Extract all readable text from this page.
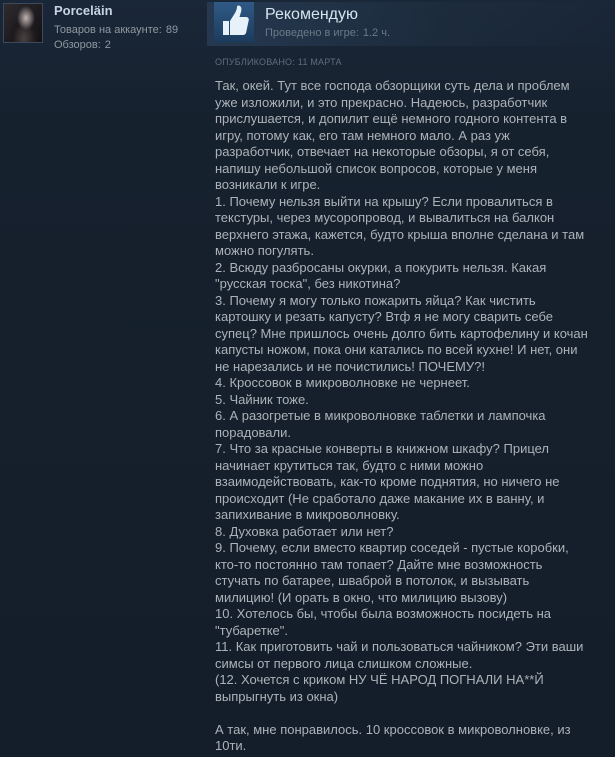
Porceläin
Товаров на аккаунте: 89
Обзоров: 2
Рекомендую
Проведено в игре: 1.2 ч.
ОПУБЛИКОВАНО: 11 МАРТА

Так, окей. Тут все господа обзорщики суть дела и проблем уже изложили, и это прекрасно. Надеюсь, разработчик прислушается, и допилит ещё немного годного контента в игру, потому как, его там немного мало. А раз уж разработчик, отвечает на некоторые обзоры, я от себя, напишу небольшой список вопросов, которые у меня возникали к игре.

1. Почему нельзя выйти на крышу? Если провалиться в текстуры, через мусоропровод, и вывалиться на балкон верхнего этажа, кажется, будто крыша вполне сделана и там можно погулять.

2. Всюду разбросаны окурки, а покурить нельзя. Какая "русская тоска", без никотина?

3. Почему я могу только пожарить яйца? Как чистить картошку и резать капусту? Втф я не могу сварить себе супец? Мне пришлось очень долго бить картофелину и кочан капусты ножом, пока они катались по всей кухне! И нет, они не нарезались и не почистились! ПОЧЕМУ?!

4. Кроссовок в микроволновке не чернеет.

5. Чайник тоже.

6. А разогретые в микроволновке таблетки и лампочка порадовали.

7. Что за красные конверты в книжном шкафу? Прицел начинает крутиться так, будто с ними можно взаимодействовать, как-то кроме поднятия, но ничего не происходит (Не сработало даже макание их в ванну, и запихивание в микроволновку.

8. Духовка работает или нет?

9. Почему, если вместо квартир соседей - пустые коробки, кто-то постоянно там топает? Дайте мне возможность стучать по батарее, шваброй в потолок, и вызывать милицию! (И орать в окно, что милицию вызову)

10. Хотелось бы, чтобы была возможность посидеть на "тубаретке".

11. Как приготовить чай и пользоваться чайником? Эти ваши симсы от первого лица слишком сложные.

(12. Хочется с криком НУ ЧЁ НАРОД ПОГНАЛИ НА**Й выпрыгнуть из окна)

А так, мне понравилось. 10 кроссовок в микроволновке, из 10ти.
